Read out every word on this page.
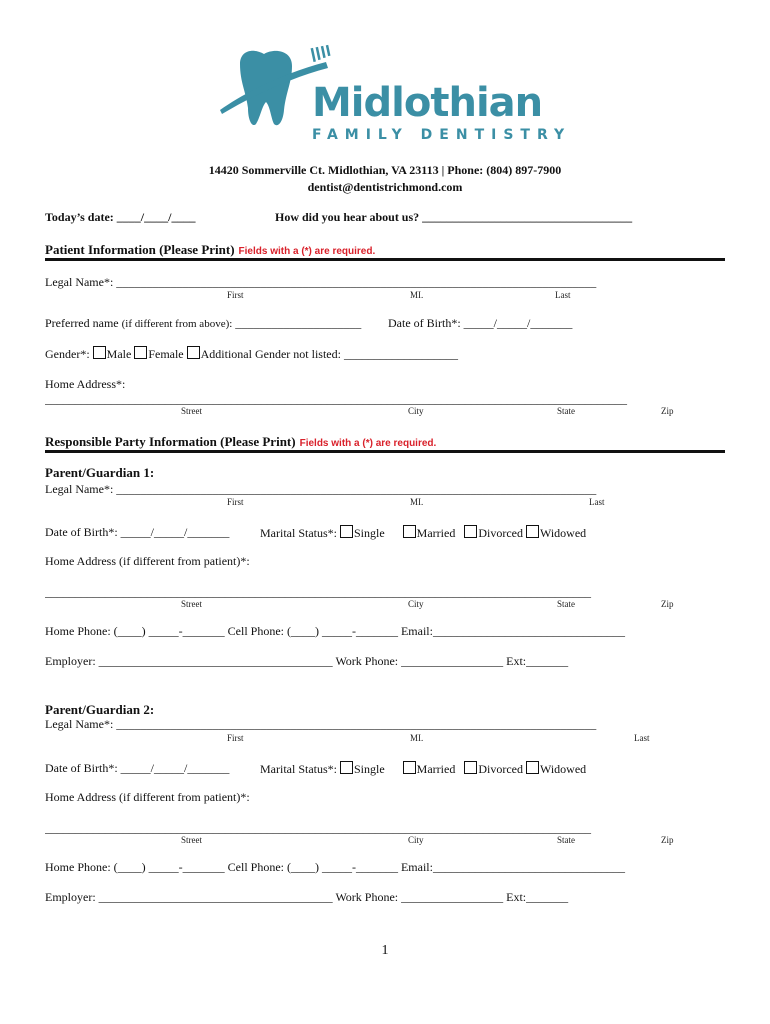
Midlothian
FAMILY DENTISTRY
14420 Sommerville Ct. Midlothian, VA 23113 | Phone: (804) 897-7900
dentist@dentistrichmond.com
Today’s date: ____/____/____	How did you hear about us? ___________________________________
Patient Information (Please Print) Fields with a (*) are required.
Legal Name*: ________________________________________________________________________________
First	MI.	Last
Preferred name (if different from above): _____________________ Date of Birth*: _____/_____/_______
Gender*: Male Female Additional Gender not listed: ___________________
Home Address*:
_________________________________________________________________________________________________
Street	City	State	Zip
Responsible Party Information (Please Print) Fields with a (*) are required.
Parent/Guardian 1:
Legal Name*: ________________________________________________________________________________
First	MI.	Last
Date of Birth*: _____/_____/_______	Marital Status*: Single	Married Divorced Widowed
Home Address (if different from patient)*:
___________________________________________________________________________________________
Street	City	State	Zip
Home Phone: (____) _____-_______ Cell Phone: (____) _____-_______ Email:________________________________
Employer: _______________________________________ Work Phone: _________________ Ext:_______
Parent/Guardian 2:
Legal Name*: ________________________________________________________________________________
First	MI.	Last
Date of Birth*: _____/_____/_______	Marital Status*: Single	Married Divorced Widowed
Home Address (if different from patient)*:
___________________________________________________________________________________________
Street	City	State	Zip
Home Phone: (____) _____-_______ Cell Phone: (____) _____-_______ Email:________________________________
Employer: _______________________________________ Work Phone: _________________ Ext:_______
1
